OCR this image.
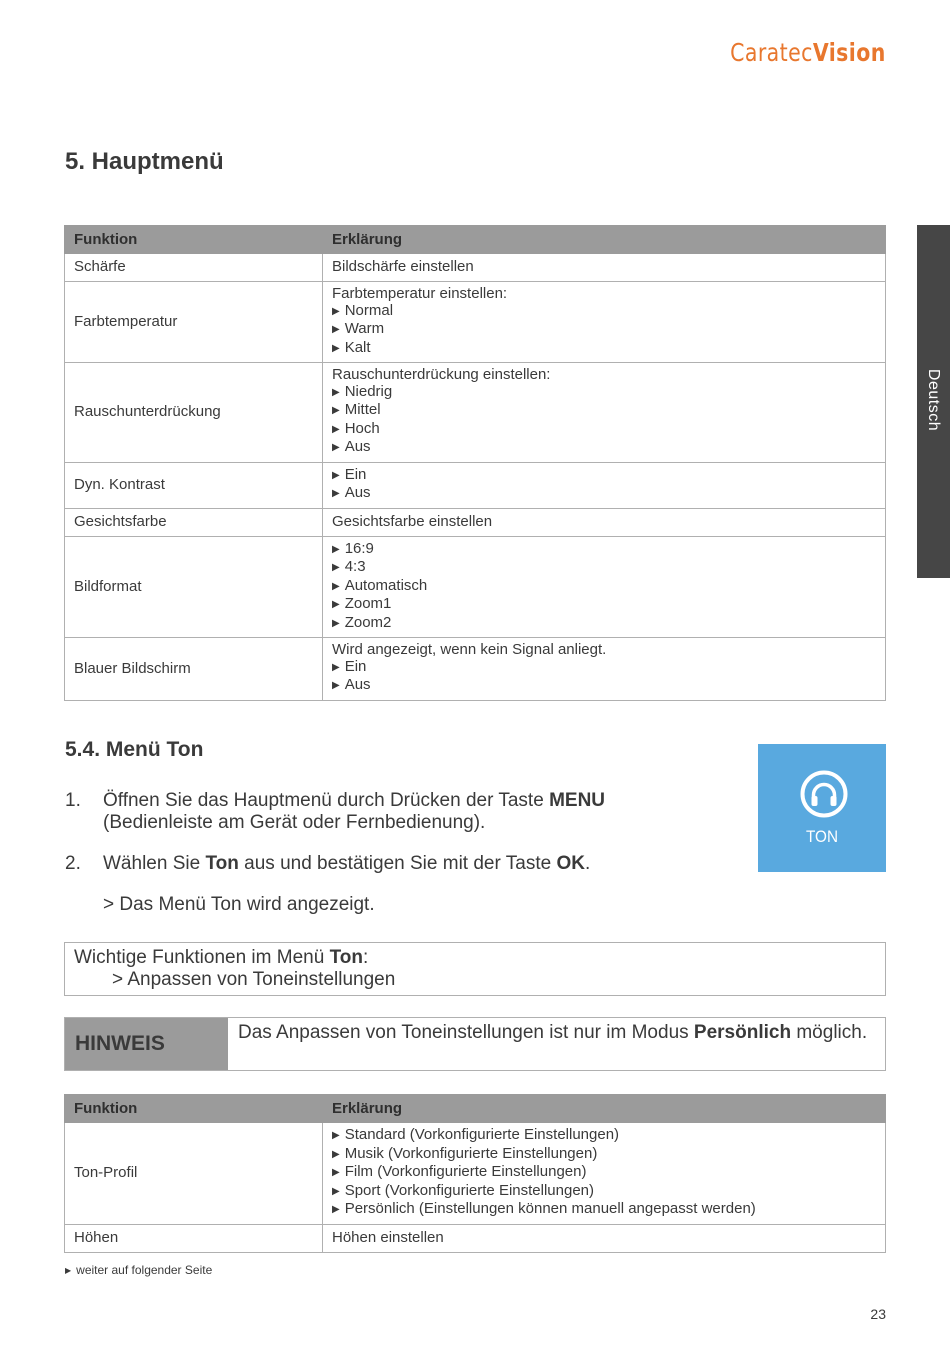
CaratecVision
Deutsch
5. Hauptmenü
Funktion	Erklärung
Schärfe	Bildschärfe einstellen

Farbtemperatur	Farbtemperatur einstellen:
▶ Normal
▶ Warm
▶ Kalt

Rauschunterdrückung	Rauschunterdrückung einstellen:
▶ Niedrig
▶ Mittel
▶ Hoch
▶ Aus

Dyn. Kontrast	▶ Ein
▶ Aus

Gesichtsfarbe	Gesichtsfarbe einstellen

Bildformat	▶ 16:9
▶ 4:3
▶ Automatisch
▶ Zoom1
▶ Zoom2

Blauer Bildschirm	Wird angezeigt, wenn kein Signal anliegt.
▶ Ein
▶ Aus
5.4. Menü Ton
1.	Öffnen Sie das Hauptmenü durch Drücken der Taste MENU
(Bedienleiste am Gerät oder Fernbedienung).
2.	Wählen Sie Ton aus und bestätigen Sie mit der Taste OK.
> Das Menü Ton wird angezeigt.
TON
Wichtige Funktionen im Menü Ton:
> Anpassen von Toneinstellungen
HINWEIS	Das Anpassen von Toneinstellungen ist nur im Modus Persönlich möglich.
Funktion	Erklärung
Ton-Profil	▶ Standard (Vorkonfigurierte Einstellungen)
▶ Musik (Vorkonfigurierte Einstellungen)
▶ Film (Vorkonfigurierte Einstellungen)
▶ Sport (Vorkonfigurierte Einstellungen)
▶ Persönlich (Einstellungen können manuell angepasst werden)

Höhen	Höhen einstellen
▶ weiter auf folgender Seite
23
